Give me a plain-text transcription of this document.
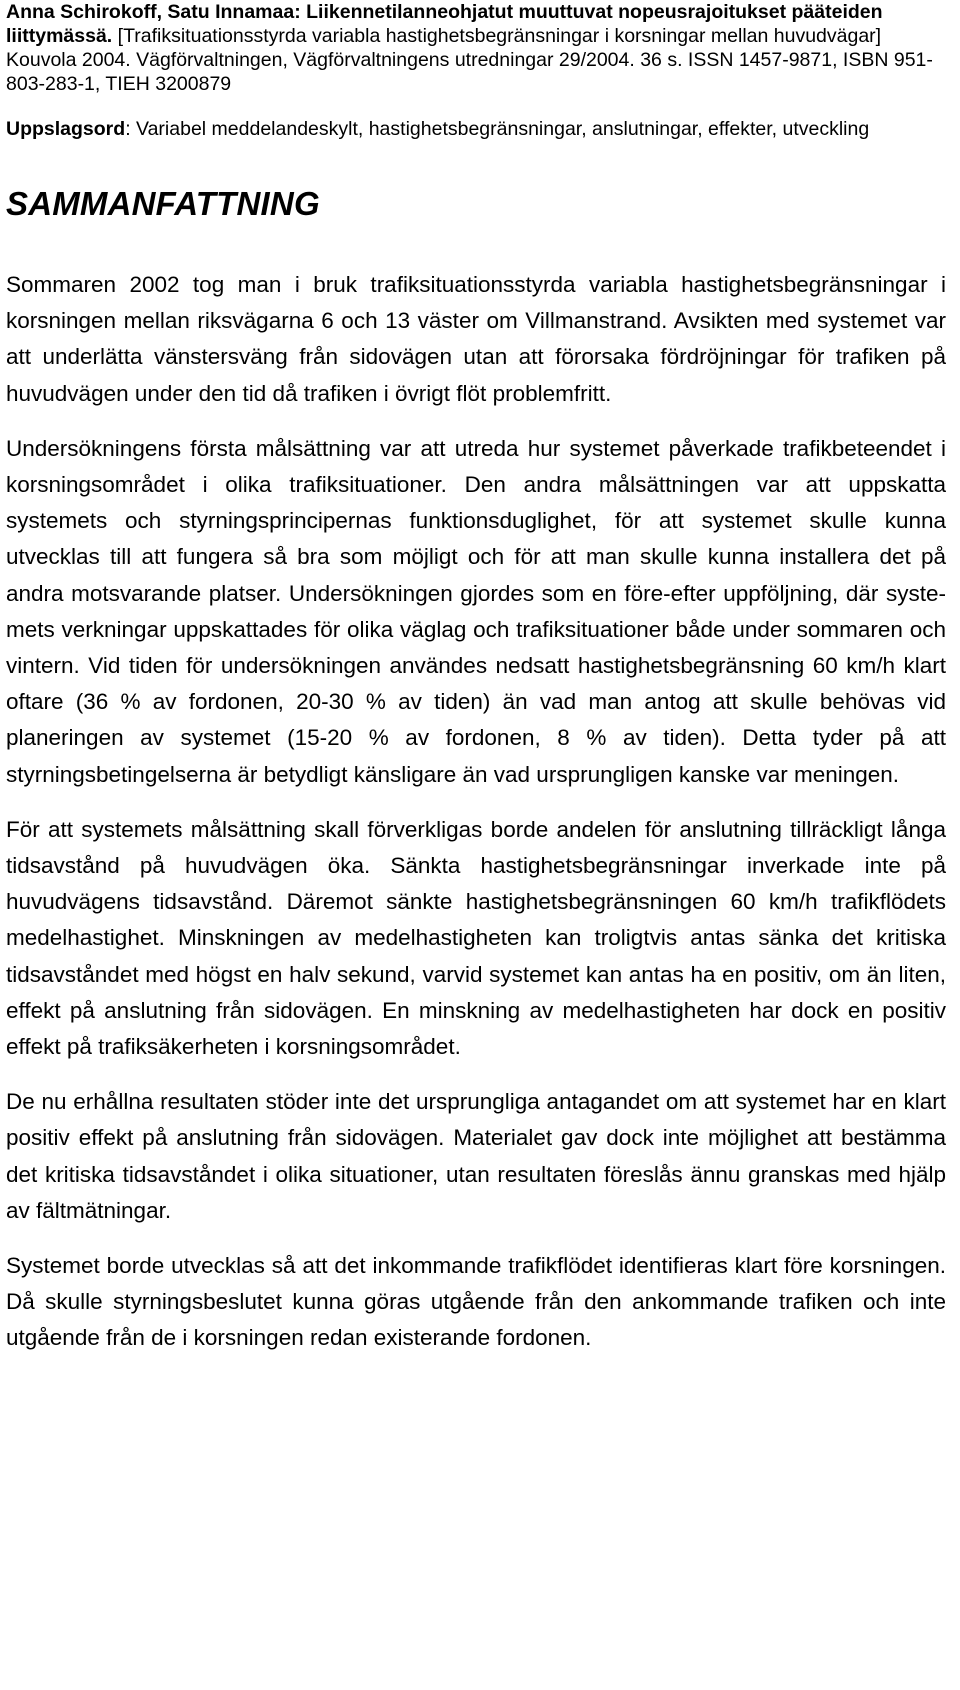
Anna Schirokoff, Satu Innamaa: Liikennetilanneohjatut muuttuvat nopeusrajoitukset pääteiden liittymässä. [Trafiksituationsstyrda variabla hastighetsbegränsningar i korsningar mellan huvudvägar] Kouvola 2004. Vägförvaltningen, Vägförvaltningens utredningar 29/2004. 36 s. ISSN 1457-9871, ISBN 951-803-283-1, TIEH 3200879
Uppslagsord: Variabel meddelandeskylt, hastighetsbegränsningar, anslutningar, effekter, utveckling
SAMMANFATTNING

Sommaren 2002 tog man i bruk trafiksituationsstyrda variabla hastighetsbegränsningar i korsningen mellan riksvägarna 6 och 13 väster om Villmanstrand. Avsikten med systemet var att underlätta vänstersväng från sidovägen utan att förorsaka fördröjningar för trafiken på huvudvägen under den tid då trafiken i övrigt flöt problemfritt.

Undersökningens första målsättning var att utreda hur systemet påverkade trafikbeteendet i korsningsområdet i olika trafiksituationer. Den andra målsättningen var att uppskatta systemets och styrningsprincipernas funktionsduglighet, för att systemet skulle kunna utvecklas till att fungera så bra som möjligt och för att man skulle kunna installera det på andra motsvarande platser. Undersökningen gjordes som en före-efter uppföljning, där systemets verkningar uppskattades för olika väglag och trafiksituationer både under sommaren och vintern. Vid tiden för undersökningen användes nedsatt hastighetsbegränsning 60 km/h klart oftare (36 % av fordonen, 20-30 % av tiden) än vad man antog att skulle behövas vid planeringen av systemet (15-20 % av fordonen, 8 % av tiden). Detta tyder på att styrningsbetingelserna är betydligt känsligare än vad ursprungligen kanske var meningen.

För att systemets målsättning skall förverkligas borde andelen för anslutning tillräckligt långa tidsavstånd på huvudvägen öka. Sänkta hastighetsbegränsningar inverkade inte på huvudvägens tidsavstånd. Däremot sänkte hastighetsbegränsningen 60 km/h trafikflödets medelhastighet. Minskningen av medelhastigheten kan troligtvis antas sänka det kritiska tidsavståndet med högst en halv sekund, varvid systemet kan antas ha en positiv, om än liten, effekt på anslutning från sidovägen. En minskning av medelhastigheten har dock en positiv effekt på trafiksäkerheten i korsningsområdet.

De nu erhållna resultaten stöder inte det ursprungliga antagandet om att systemet har en klart positiv effekt på anslutning från sidovägen. Materialet gav dock inte möjlighet att bestämma det kritiska tidsavståndet i olika situationer, utan resultaten föreslås ännu granskas med hjälp av fältmätningar.

Systemet borde utvecklas så att det inkommande trafikflödet identifieras klart före korsningen. Då skulle styrningsbeslutet kunna göras utgående från den ankommande trafiken och inte utgående från de i korsningen redan existerande fordonen.
